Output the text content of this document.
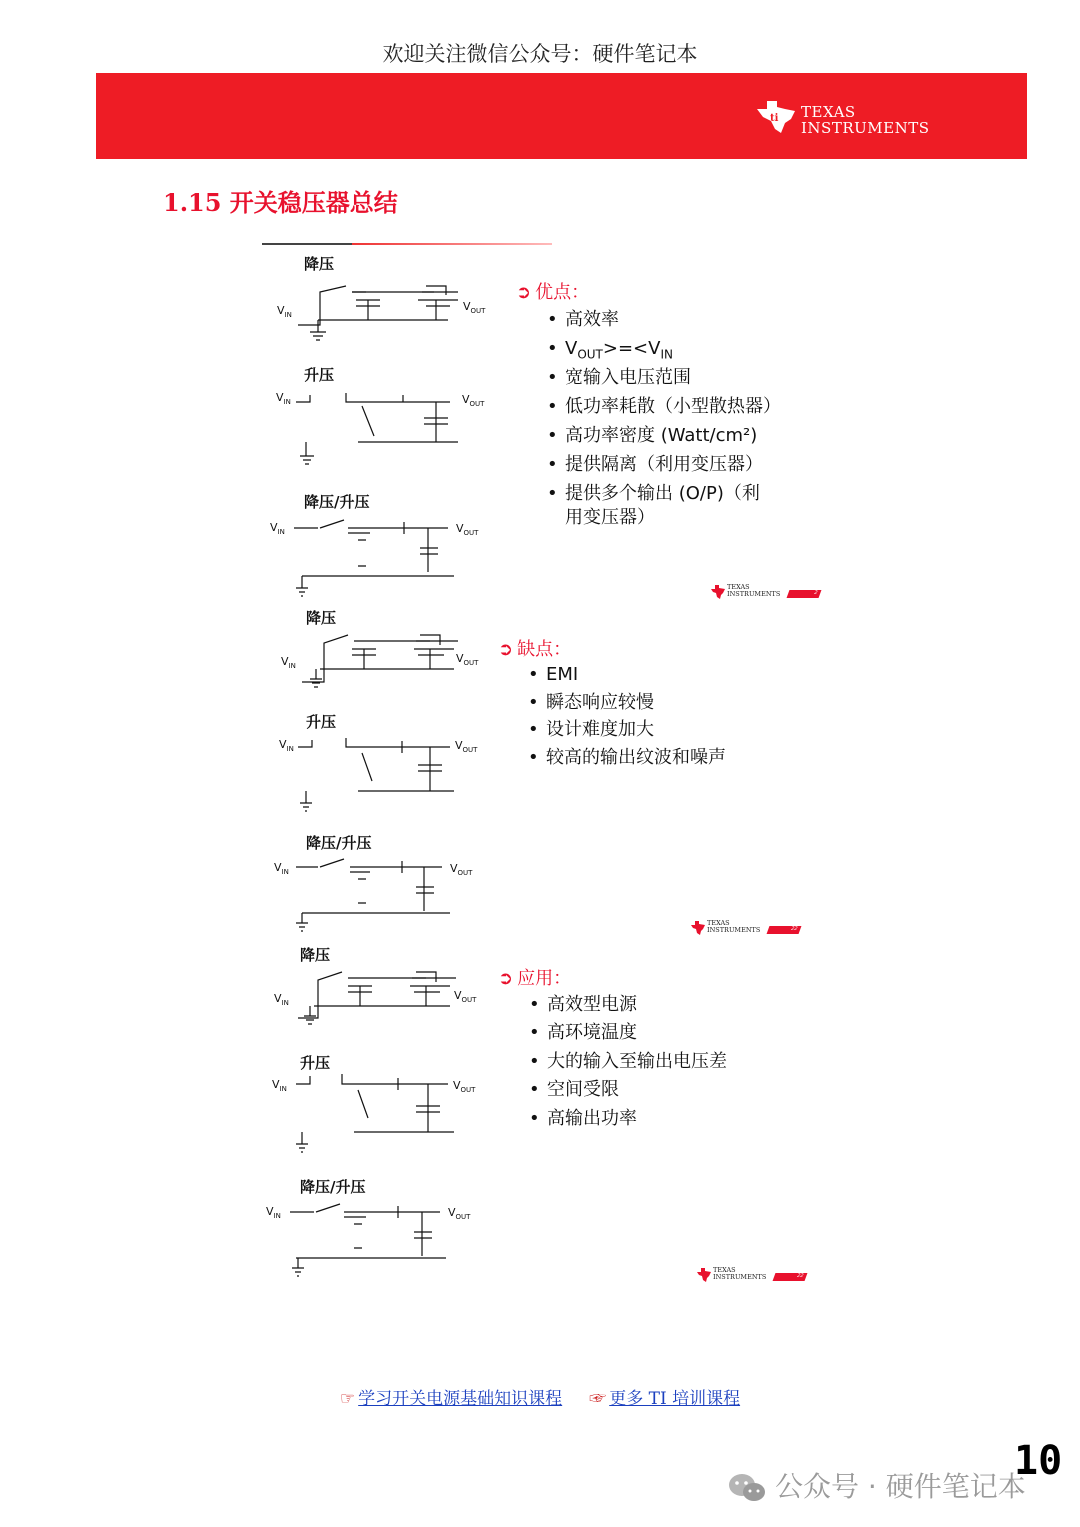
欢迎关注微信公众号：硬件笔记本
ti TEXAS
INSTRUMENTS
1.15 开关稳压器总结
降压
$V_{IN}$
$V_{OUT}$
升压
$V_{IN}$	$V_{OUT}$
降压/升压
$V_{IN}$	$V_{OUT}$
➲ 优点：
• 高效率
• $V_{OUT}>=<V_{IN}$
• 宽输入电压范围
• 低功率耗散（小型散热器）
• 高功率密度 (Watt/cm²)
• 提供隔离（利用变压器）
• 提供多个输出 (O/P)（利
用变压器）
TEXAS
INSTRUMENTS	2
降压
$V_{IN}$
$V_{OUT}$
升压
$V_{IN}$	$V_{OUT}$
降压/升压
$V_{IN}$	$V_{OUT}$
➲ 缺点：
• EMI
• 瞬态响应较慢
• 设计难度加大
• 较高的输出纹波和噪声
TEXAS
INSTRUMENTS	22
降压
$V_{IN}$
$V_{OUT}$
升压
$V_{IN}$	$V_{OUT}$
降压/升压
$V_{IN}$	$V_{OUT}$
➲ 应用：
• 高效型电源
• 高环境温度
• 大的输入至输出电压差
• 空间受限
• 高输出功率
TEXAS
INSTRUMENTS	22
☞ 学习开关电源基础知识课程 ☞ 更多 TI 培训课程
公众号 · 硬件笔记本
10
